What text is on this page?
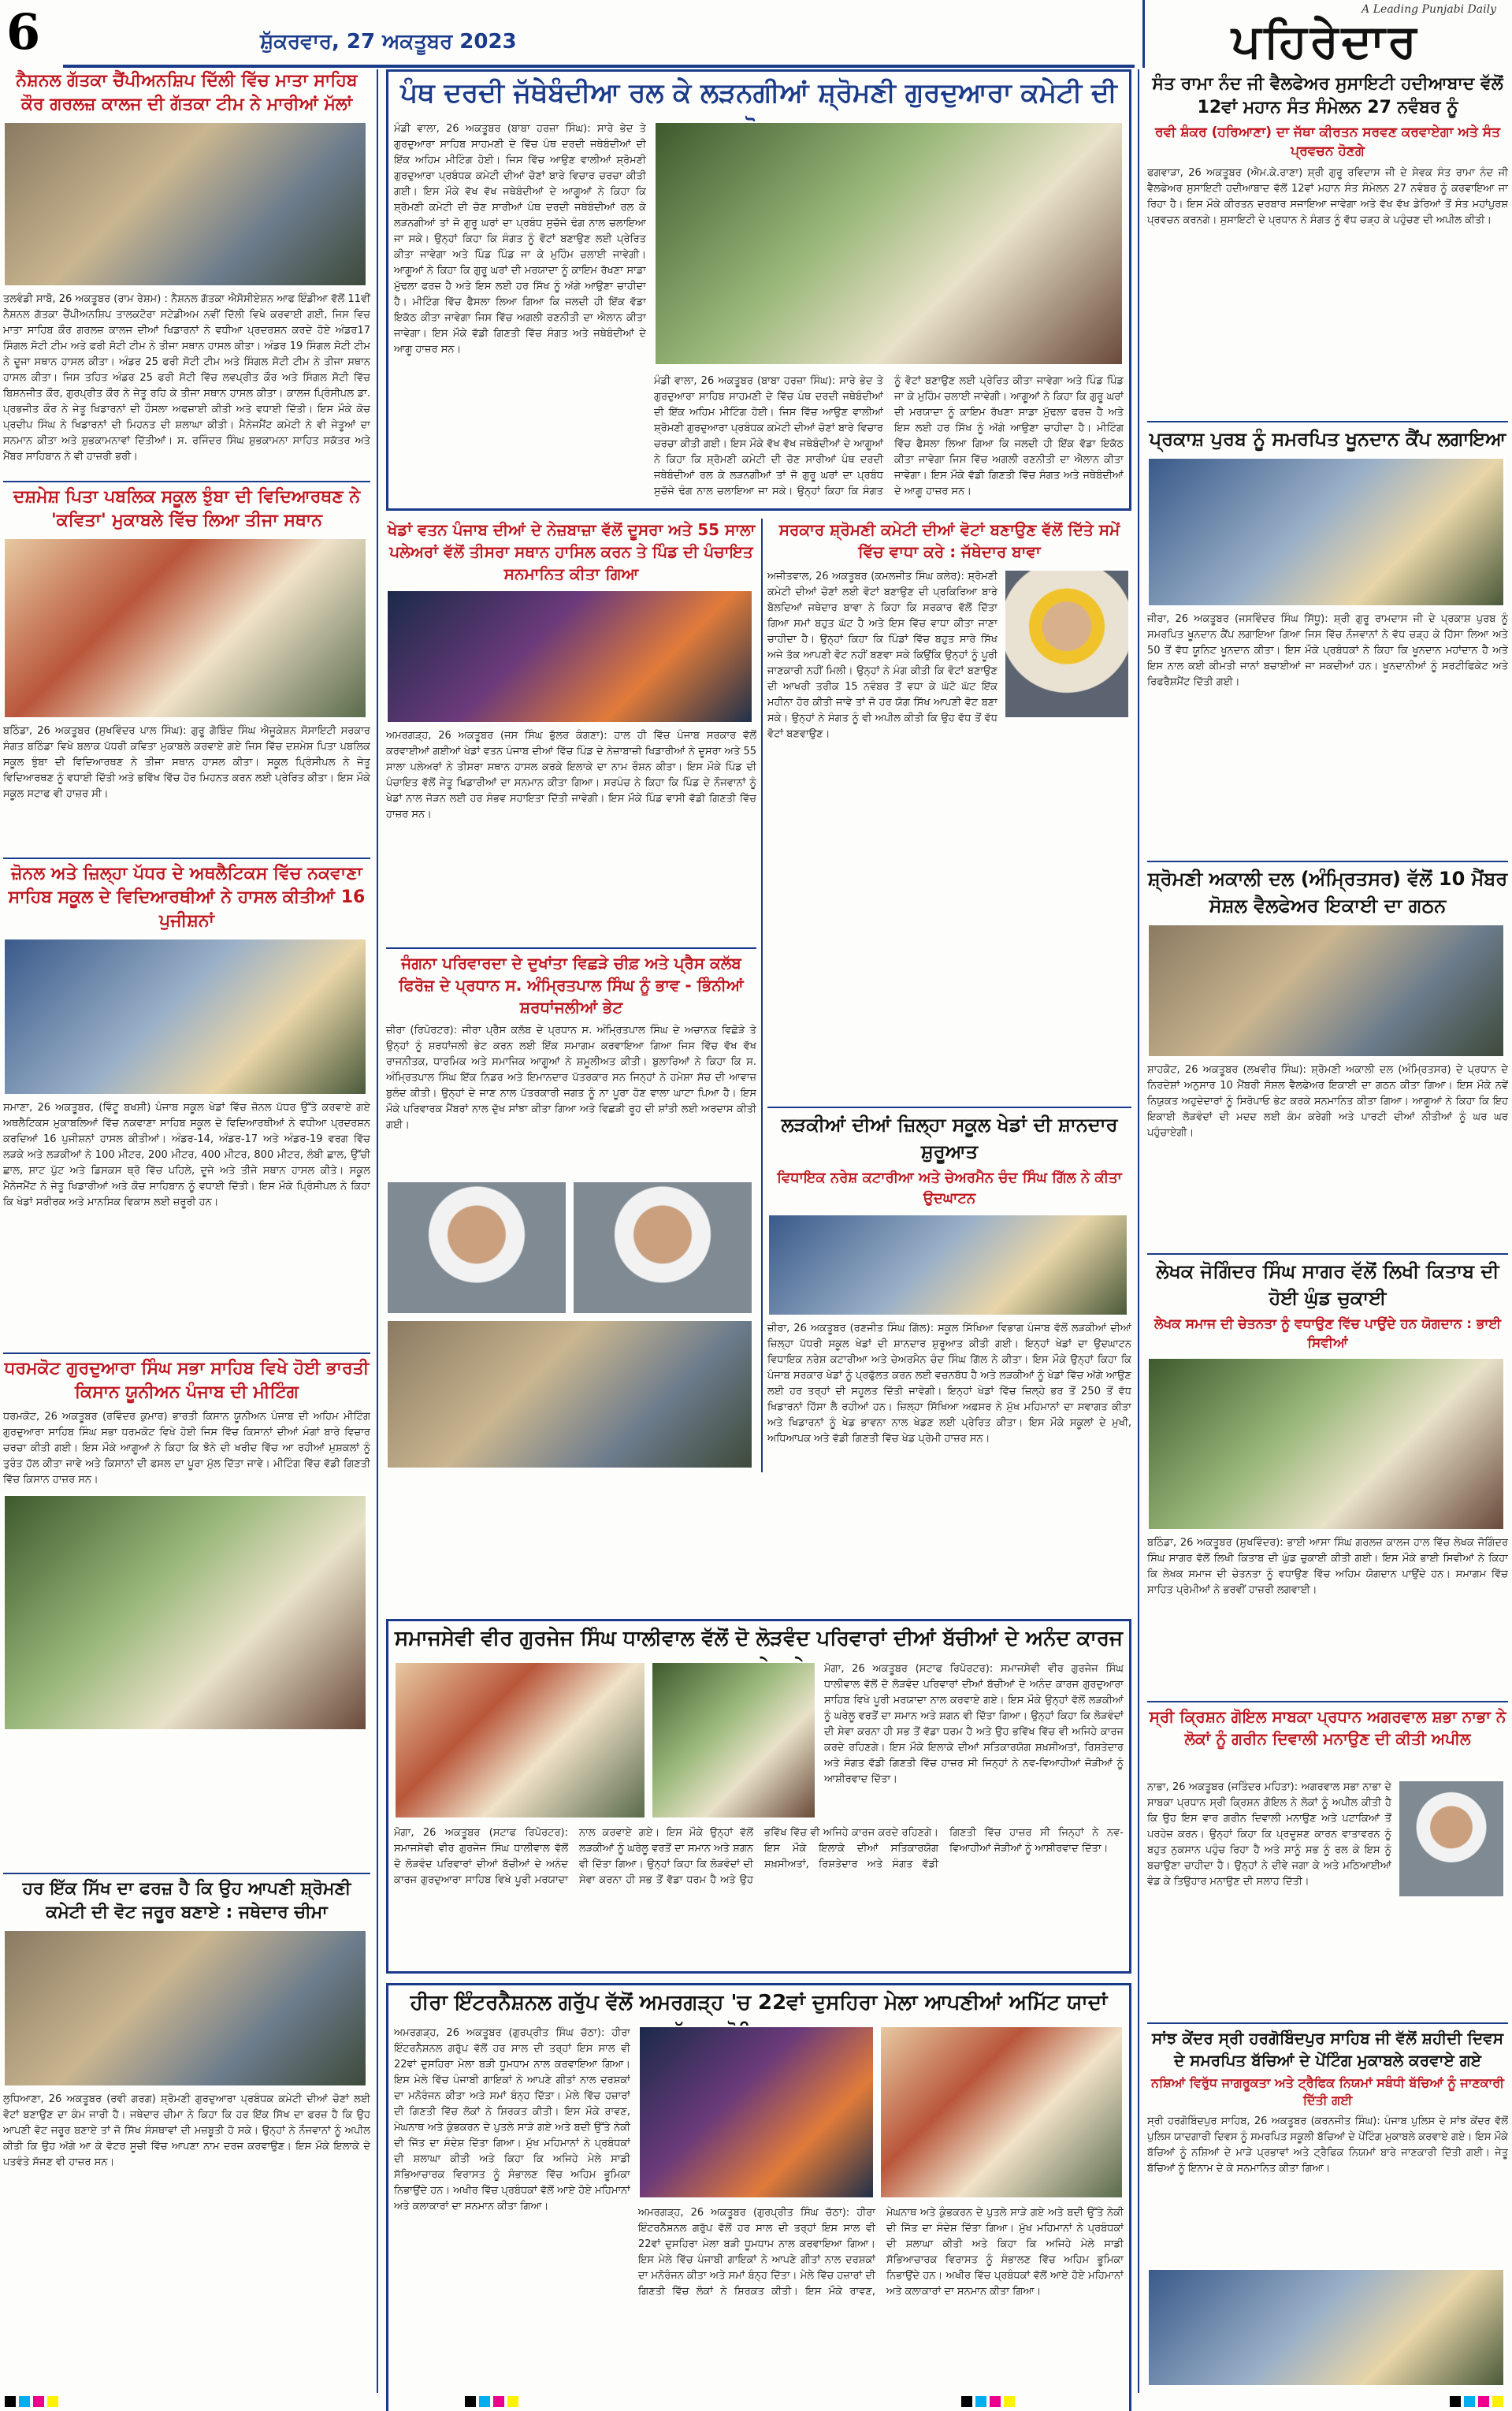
6	ਸ਼ੁੱਕਰਵਾਰ, 27 ਅਕਤੂਬਰ 2023
A Leading Punjabi Daily
ਪਹਿਰੇਦਾਰ
ਨੈਸ਼ਨਲ ਗੱਤਕਾ ਚੈਂਪੀਅਨਸ਼ਿਪ ਦਿੱਲੀ ਵਿੱਚ ਮਾਤਾ ਸਾਹਿਬ ਕੌਰ ਗਰਲਜ਼ ਕਾਲਜ ਦੀ ਗੱਤਕਾ ਟੀਮ ਨੇ ਮਾਰੀਆਂ ਮੱਲਾਂ
ਤਲਵੰਡੀ ਸਾਬੋ, 26 ਅਕਤੂਬਰ (ਰਾਮ ਰੇਸ਼ਮ) : ਨੈਸ਼ਨਲ ਗੱਤਕਾ ਐਸੋਸੀਏਸ਼ਨ ਆਫ ਇੰਡੀਆ ਵੱਲੋਂ 11ਵੀਂ ਨੈਸ਼ਨਲ ਗੱਤਕਾ ਚੈਂਪੀਅਨਸ਼ਿਪ ਤਾਲਕਟੋਰਾ ਸਟੇਡੀਅਮ ਨਵੀਂ ਦਿੱਲੀ ਵਿਖੇ ਕਰਵਾਈ ਗਈ, ਜਿਸ ਵਿਚ ਮਾਤਾ ਸਾਹਿਬ ਕੌਰ ਗਰਲਜ਼ ਕਾਲਜ ਦੀਆਂ ਖਿਡਾਰਨਾਂ ਨੇ ਵਧੀਆ ਪ੍ਰਦਰਸ਼ਨ ਕਰਦੇ ਹੋਏ ਅੰਡਰ17 ਸਿੰਗਲ ਸੋਟੀ ਟੀਮ ਅਤੇ ਫਰੀ ਸੋਟੀ ਟੀਮ ਨੇ ਤੀਜਾ ਸਥਾਨ ਹਾਸਲ ਕੀਤਾ। ਅੰਡਰ 19 ਸਿੰਗਲ ਸੋਟੀ ਟੀਮ ਨੇ ਦੂਜਾ ਸਥਾਨ ਹਾਸਲ ਕੀਤਾ। ਅੰਡਰ 25 ਫਰੀ ਸੋਟੀ ਟੀਮ ਅਤੇ ਸਿੰਗਲ ਸੋਟੀ ਟੀਮ ਨੇ ਤੀਜਾ ਸਥਾਨ ਹਾਸਲ ਕੀਤਾ। ਜਿਸ ਤਹਿਤ ਅੰਡਰ 25 ਫਰੀ ਸੋਟੀ ਵਿੱਚ ਲਵਪ੍ਰੀਤ ਕੌਰ ਅਤੇ ਸਿੰਗਲ ਸੋਟੀ ਵਿੱਚ ਬਿਸ਼ਨਜੀਤ ਕੌਰ, ਗੁਰਪ੍ਰੀਤ ਕੌਰ ਨੇ ਜੇਤੂ ਰਹਿ ਕੇ ਤੀਜਾ ਸਥਾਨ ਹਾਸਲ ਕੀਤਾ। ਕਾਲਜ ਪ੍ਰਿੰਸੀਪਲ ਡਾ. ਪ੍ਰਭਜੀਤ ਕੌਰ ਨੇ ਜੇਤੂ ਖਿਡਾਰਨਾਂ ਦੀ ਹੌਸਲਾ ਅਫਜ਼ਾਈ ਕੀਤੀ ਅਤੇ ਵਧਾਈ ਦਿੱਤੀ। ਇਸ ਮੌਕੇ ਕੋਚ ਪ੍ਰਦੀਪ ਸਿੰਘ ਨੇ ਖਿਡਾਰਨਾਂ ਦੀ ਮਿਹਨਤ ਦੀ ਸ਼ਲਾਘਾ ਕੀਤੀ। ਮੈਨੇਜਮੈਂਟ ਕਮੇਟੀ ਨੇ ਵੀ ਜੇਤੂਆਂ ਦਾ ਸਨਮਾਨ ਕੀਤਾ ਅਤੇ ਸ਼ੁਭਕਾਮਨਾਵਾਂ ਦਿੱਤੀਆਂ। ਸ. ਰਜਿੰਦਰ ਸਿੰਘ ਸ਼ੁਭਕਾਮਨਾ ਸਾਹਿਤ ਸਕੱਤਰ ਅਤੇ ਮੈਂਬਰ ਸਾਹਿਬਾਨ ਨੇ ਵੀ ਹਾਜ਼ਰੀ ਭਰੀ।
ਦਸ਼ਮੇਸ਼ ਪਿਤਾ ਪਬਲਿਕ ਸਕੂਲ ਝੁੰਬਾ ਦੀ ਵਿਦਿਆਰਥਣ ਨੇ 'ਕਵਿਤਾ' ਮੁਕਾਬਲੇ ਵਿੱਚ ਲਿਆ ਤੀਜਾ ਸਥਾਨ
ਬਠਿੰਡਾ, 26 ਅਕਤੂਬਰ (ਸੁਖਵਿੰਦਰ ਪਾਲ ਸਿੰਘ): ਗੁਰੂ ਗੋਬਿੰਦ ਸਿੰਘ ਐਜੂਕੇਸ਼ਨ ਸੋਸਾਇਟੀ ਸਰਕਾਰ ਸੰਗਤ ਬਠਿੰਡਾ ਵਿਖੇ ਬਲਾਕ ਪੱਧਰੀ ਕਵਿਤਾ ਮੁਕਾਬਲੇ ਕਰਵਾਏ ਗਏ ਜਿਸ ਵਿੱਚ ਦਸ਼ਮੇਸ਼ ਪਿਤਾ ਪਬਲਿਕ ਸਕੂਲ ਝੁੰਬਾ ਦੀ ਵਿਦਿਆਰਥਣ ਨੇ ਤੀਜਾ ਸਥਾਨ ਹਾਸਲ ਕੀਤਾ। ਸਕੂਲ ਪ੍ਰਿੰਸੀਪਲ ਨੇ ਜੇਤੂ ਵਿਦਿਆਰਥਣ ਨੂੰ ਵਧਾਈ ਦਿੱਤੀ ਅਤੇ ਭਵਿੱਖ ਵਿੱਚ ਹੋਰ ਮਿਹਨਤ ਕਰਨ ਲਈ ਪ੍ਰੇਰਿਤ ਕੀਤਾ। ਇਸ ਮੌਕੇ ਸਕੂਲ ਸਟਾਫ ਵੀ ਹਾਜ਼ਰ ਸੀ।
ਜ਼ੋਨਲ ਅਤੇ ਜ਼ਿਲ੍ਹਾ ਪੱਧਰ ਦੇ ਅਥਲੈਟਿਕਸ ਵਿੱਚ ਨਕਵਾਣਾ ਸਾਹਿਬ ਸਕੂਲ ਦੇ ਵਿਦਿਆਰਥੀਆਂ ਨੇ ਹਾਸਲ ਕੀਤੀਆਂ 16 ਪੁਜੀਸ਼ਨਾਂ
ਸਮਾਣਾ, 26 ਅਕਤੂਬਰ, (ਵਿੰਟੂ ਬਖਸ਼ੀ) ਪੰਜਾਬ ਸਕੂਲ ਖੇਡਾਂ ਵਿੱਚ ਜ਼ੋਨਲ ਪੱਧਰ ਉੱਤੇ ਕਰਵਾਏ ਗਏ ਅਥਲੈਟਿਕਸ ਮੁਕਾਬਲਿਆਂ ਵਿੱਚ ਨਕਵਾਣਾ ਸਾਹਿਬ ਸਕੂਲ ਦੇ ਵਿਦਿਆਰਥੀਆਂ ਨੇ ਵਧੀਆ ਪ੍ਰਦਰਸ਼ਨ ਕਰਦਿਆਂ 16 ਪੁਜੀਸ਼ਨਾਂ ਹਾਸਲ ਕੀਤੀਆਂ। ਅੰਡਰ-14, ਅੰਡਰ-17 ਅਤੇ ਅੰਡਰ-19 ਵਰਗ ਵਿੱਚ ਲੜਕੇ ਅਤੇ ਲੜਕੀਆਂ ਨੇ 100 ਮੀਟਰ, 200 ਮੀਟਰ, 400 ਮੀਟਰ, 800 ਮੀਟਰ, ਲੰਬੀ ਛਾਲ, ਉੱਚੀ ਛਾਲ, ਸ਼ਾਟ ਪੁੱਟ ਅਤੇ ਡਿਸਕਸ ਥ੍ਰੋ ਵਿੱਚ ਪਹਿਲੇ, ਦੂਜੇ ਅਤੇ ਤੀਜੇ ਸਥਾਨ ਹਾਸਲ ਕੀਤੇ। ਸਕੂਲ ਮੈਨੇਜਮੈਂਟ ਨੇ ਜੇਤੂ ਖਿਡਾਰੀਆਂ ਅਤੇ ਕੋਚ ਸਾਹਿਬਾਨ ਨੂੰ ਵਧਾਈ ਦਿੱਤੀ। ਇਸ ਮੌਕੇ ਪ੍ਰਿੰਸੀਪਲ ਨੇ ਕਿਹਾ ਕਿ ਖੇਡਾਂ ਸਰੀਰਕ ਅਤੇ ਮਾਨਸਿਕ ਵਿਕਾਸ ਲਈ ਜ਼ਰੂਰੀ ਹਨ।
ਧਰਮਕੋਟ ਗੁਰਦੁਆਰਾ ਸਿੰਘ ਸਭਾ ਸਾਹਿਬ ਵਿਖੇ ਹੋਈ ਭਾਰਤੀ ਕਿਸਾਨ ਯੂਨੀਅਨ ਪੰਜਾਬ ਦੀ ਮੀਟਿੰਗ
ਧਰਮਕੋਟ, 26 ਅਕਤੂਬਰ (ਰਵਿੰਦਰ ਕੁਮਾਰ) ਭਾਰਤੀ ਕਿਸਾਨ ਯੂਨੀਅਨ ਪੰਜਾਬ ਦੀ ਅਹਿਮ ਮੀਟਿੰਗ ਗੁਰਦੁਆਰਾ ਸਾਹਿਬ ਸਿੰਘ ਸਭਾ ਧਰਮਕੋਟ ਵਿਖੇ ਹੋਈ ਜਿਸ ਵਿੱਚ ਕਿਸਾਨਾਂ ਦੀਆਂ ਮੰਗਾਂ ਬਾਰੇ ਵਿਚਾਰ ਚਰਚਾ ਕੀਤੀ ਗਈ। ਇਸ ਮੌਕੇ ਆਗੂਆਂ ਨੇ ਕਿਹਾ ਕਿ ਝੋਨੇ ਦੀ ਖਰੀਦ ਵਿੱਚ ਆ ਰਹੀਆਂ ਮੁਸ਼ਕਲਾਂ ਨੂੰ ਤੁਰੰਤ ਹੱਲ ਕੀਤਾ ਜਾਵੇ ਅਤੇ ਕਿਸਾਨਾਂ ਦੀ ਫਸਲ ਦਾ ਪੂਰਾ ਮੁੱਲ ਦਿੱਤਾ ਜਾਵੇ। ਮੀਟਿੰਗ ਵਿੱਚ ਵੱਡੀ ਗਿਣਤੀ ਵਿੱਚ ਕਿਸਾਨ ਹਾਜ਼ਰ ਸਨ।
ਹਰ ਇੱਕ ਸਿੱਖ ਦਾ ਫਰਜ਼ ਹੈ ਕਿ ਉਹ ਆਪਣੀ ਸ਼੍ਰੋਮਣੀ ਕਮੇਟੀ ਦੀ ਵੋਟ ਜਰੂਰ ਬਣਾਏ : ਜਥੇਦਾਰ ਚੀਮਾ
ਲੁਧਿਆਣਾ, 26 ਅਕਤੂਬਰ (ਰਵੀ ਗਰਗ) ਸ਼੍ਰੋਮਣੀ ਗੁਰਦੁਆਰਾ ਪ੍ਰਬੰਧਕ ਕਮੇਟੀ ਦੀਆਂ ਚੋਣਾਂ ਲਈ ਵੋਟਾਂ ਬਣਾਉਣ ਦਾ ਕੰਮ ਜਾਰੀ ਹੈ। ਜਥੇਦਾਰ ਚੀਮਾ ਨੇ ਕਿਹਾ ਕਿ ਹਰ ਇੱਕ ਸਿੱਖ ਦਾ ਫਰਜ਼ ਹੈ ਕਿ ਉਹ ਆਪਣੀ ਵੋਟ ਜਰੂਰ ਬਣਾਏ ਤਾਂ ਜੋ ਸਿੱਖ ਸੰਸਥਾਵਾਂ ਦੀ ਮਜ਼ਬੂਤੀ ਹੋ ਸਕੇ। ਉਨ੍ਹਾਂ ਨੇ ਨੌਜਵਾਨਾਂ ਨੂੰ ਅਪੀਲ ਕੀਤੀ ਕਿ ਉਹ ਅੱਗੇ ਆ ਕੇ ਵੋਟਰ ਸੂਚੀ ਵਿੱਚ ਆਪਣਾ ਨਾਮ ਦਰਜ ਕਰਵਾਉਣ। ਇਸ ਮੌਕੇ ਇਲਾਕੇ ਦੇ ਪਤਵੰਤੇ ਸੱਜਣ ਵੀ ਹਾਜ਼ਰ ਸਨ।
ਪੰਥ ਦਰਦੀ ਜੱਥੇਬੰਦੀਆ ਰਲ ਕੇ ਲੜਨਗੀਆਂ ਸ਼੍ਰੋਮਣੀ ਗੁਰਦੁਆਰਾ ਕਮੇਟੀ ਦੀ
ਮੰਡੀ ਵਾਲਾ, 26 ਅਕਤੂਬਰ (ਬਾਬਾ ਹਰਜ਼ਾ ਸਿੰਘ): ਸਾਰੇ ਭੇਦ ਤੇ ਗੁਰਦੁਆਰਾ ਸਾਹਿਬ ਸਾਹਮਣੀ ਦੇ ਵਿੱਚ ਪੰਥ ਦਰਦੀ ਜਥੇਬੰਦੀਆਂ ਦੀ ਇੱਕ ਅਹਿਮ ਮੀਟਿੰਗ ਹੋਈ। ਜਿਸ ਵਿੱਚ ਆਉਣ ਵਾਲੀਆਂ ਸ਼੍ਰੋਮਣੀ ਗੁਰਦੁਆਰਾ ਪ੍ਰਬੰਧਕ ਕਮੇਟੀ ਦੀਆਂ ਚੋਣਾਂ ਬਾਰੇ ਵਿਚਾਰ ਚਰਚਾ ਕੀਤੀ ਗਈ। ਇਸ ਮੌਕੇ ਵੱਖ ਵੱਖ ਜਥੇਬੰਦੀਆਂ ਦੇ ਆਗੂਆਂ ਨੇ ਕਿਹਾ ਕਿ ਸ਼੍ਰੋਮਣੀ ਕਮੇਟੀ ਦੀ ਚੋਣ ਸਾਰੀਆਂ ਪੰਥ ਦਰਦੀ ਜਥੇਬੰਦੀਆਂ ਰਲ ਕੇ ਲੜਨਗੀਆਂ ਤਾਂ ਜੋ ਗੁਰੂ ਘਰਾਂ ਦਾ ਪ੍ਰਬੰਧ ਸੁਚੱਜੇ ਢੰਗ ਨਾਲ ਚਲਾਇਆ ਜਾ ਸਕੇ। ਉਨ੍ਹਾਂ ਕਿਹਾ ਕਿ ਸੰਗਤ ਨੂੰ ਵੋਟਾਂ ਬਣਾਉਣ ਲਈ ਪ੍ਰੇਰਿਤ ਕੀਤਾ ਜਾਵੇਗਾ ਅਤੇ ਪਿੰਡ ਪਿੰਡ ਜਾ ਕੇ ਮੁਹਿੰਮ ਚਲਾਈ ਜਾਵੇਗੀ। ਆਗੂਆਂ ਨੇ ਕਿਹਾ ਕਿ ਗੁਰੂ ਘਰਾਂ ਦੀ ਮਰਯਾਦਾ ਨੂੰ ਕਾਇਮ ਰੱਖਣਾ ਸਾਡਾ ਮੁੱਢਲਾ ਫਰਜ਼ ਹੈ ਅਤੇ ਇਸ ਲਈ ਹਰ ਸਿੱਖ ਨੂੰ ਅੱਗੇ ਆਉਣਾ ਚਾਹੀਦਾ ਹੈ। ਮੀਟਿੰਗ ਵਿੱਚ ਫੈਸਲਾ ਲਿਆ ਗਿਆ ਕਿ ਜਲਦੀ ਹੀ ਇੱਕ ਵੱਡਾ ਇਕੱਠ ਕੀਤਾ ਜਾਵੇਗਾ ਜਿਸ ਵਿੱਚ ਅਗਲੀ ਰਣਨੀਤੀ ਦਾ ਐਲਾਨ ਕੀਤਾ ਜਾਵੇਗਾ। ਇਸ ਮੌਕੇ ਵੱਡੀ ਗਿਣਤੀ ਵਿੱਚ ਸੰਗਤ ਅਤੇ ਜਥੇਬੰਦੀਆਂ ਦੇ ਆਗੂ ਹਾਜ਼ਰ ਸਨ।
ਮੰਡੀ ਵਾਲਾ, 26 ਅਕਤੂਬਰ (ਬਾਬਾ ਹਰਜ਼ਾ ਸਿੰਘ): ਸਾਰੇ ਭੇਦ ਤੇ ਗੁਰਦੁਆਰਾ ਸਾਹਿਬ ਸਾਹਮਣੀ ਦੇ ਵਿੱਚ ਪੰਥ ਦਰਦੀ ਜਥੇਬੰਦੀਆਂ ਦੀ ਇੱਕ ਅਹਿਮ ਮੀਟਿੰਗ ਹੋਈ। ਜਿਸ ਵਿੱਚ ਆਉਣ ਵਾਲੀਆਂ ਸ਼੍ਰੋਮਣੀ ਗੁਰਦੁਆਰਾ ਪ੍ਰਬੰਧਕ ਕਮੇਟੀ ਦੀਆਂ ਚੋਣਾਂ ਬਾਰੇ ਵਿਚਾਰ ਚਰਚਾ ਕੀਤੀ ਗਈ। ਇਸ ਮੌਕੇ ਵੱਖ ਵੱਖ ਜਥੇਬੰਦੀਆਂ ਦੇ ਆਗੂਆਂ ਨੇ ਕਿਹਾ ਕਿ ਸ਼੍ਰੋਮਣੀ ਕਮੇਟੀ ਦੀ ਚੋਣ ਸਾਰੀਆਂ ਪੰਥ ਦਰਦੀ ਜਥੇਬੰਦੀਆਂ ਰਲ ਕੇ ਲੜਨਗੀਆਂ ਤਾਂ ਜੋ ਗੁਰੂ ਘਰਾਂ ਦਾ ਪ੍ਰਬੰਧ ਸੁਚੱਜੇ ਢੰਗ ਨਾਲ ਚਲਾਇਆ ਜਾ ਸਕੇ। ਉਨ੍ਹਾਂ ਕਿਹਾ ਕਿ ਸੰਗਤ ਨੂੰ ਵੋਟਾਂ ਬਣਾਉਣ ਲਈ ਪ੍ਰੇਰਿਤ ਕੀਤਾ ਜਾਵੇਗਾ ਅਤੇ ਪਿੰਡ ਪਿੰਡ ਜਾ ਕੇ ਮੁਹਿੰਮ ਚਲਾਈ ਜਾਵੇਗੀ। ਆਗੂਆਂ ਨੇ ਕਿਹਾ ਕਿ ਗੁਰੂ ਘਰਾਂ ਦੀ ਮਰਯਾਦਾ ਨੂੰ ਕਾਇਮ ਰੱਖਣਾ ਸਾਡਾ ਮੁੱਢਲਾ ਫਰਜ਼ ਹੈ ਅਤੇ ਇਸ ਲਈ ਹਰ ਸਿੱਖ ਨੂੰ ਅੱਗੇ ਆਉਣਾ ਚਾਹੀਦਾ ਹੈ। ਮੀਟਿੰਗ ਵਿੱਚ ਫੈਸਲਾ ਲਿਆ ਗਿਆ ਕਿ ਜਲਦੀ ਹੀ ਇੱਕ ਵੱਡਾ ਇਕੱਠ ਕੀਤਾ ਜਾਵੇਗਾ ਜਿਸ ਵਿੱਚ ਅਗਲੀ ਰਣਨੀਤੀ ਦਾ ਐਲਾਨ ਕੀਤਾ ਜਾਵੇਗਾ। ਇਸ ਮੌਕੇ ਵੱਡੀ ਗਿਣਤੀ ਵਿੱਚ ਸੰਗਤ ਅਤੇ ਜਥੇਬੰਦੀਆਂ ਦੇ ਆਗੂ ਹਾਜ਼ਰ ਸਨ।
ਖੇਡਾਂ ਵਤਨ ਪੰਜਾਬ ਦੀਆਂ ਦੇ ਨੇਜ਼ਬਾਜ਼ਾ ਵੱਲੋਂ ਦੂਸਰਾ ਅਤੇ 55 ਸਾਲਾ ਪਲੇਅਰਾਂ ਵੱਲੋਂ ਤੀਸਰਾ ਸਥਾਨ ਹਾਸਿਲ ਕਰਨ ਤੇ ਪਿੰਡ ਦੀ ਪੰਚਾਇਤ ਸਨਮਾਨਿਤ ਕੀਤਾ ਗਿਆ
ਅਮਰਗੜ੍ਹ, 26 ਅਕਤੂਬਰ (ਜਸ ਸਿੰਘ ਭੁੱਲਰ ਕੰਗਣਾ): ਹਾਲ ਹੀ ਵਿੱਚ ਪੰਜਾਬ ਸਰਕਾਰ ਵੱਲੋਂ ਕਰਵਾਈਆਂ ਗਈਆਂ ਖੇਡਾਂ ਵਤਨ ਪੰਜਾਬ ਦੀਆਂ ਵਿੱਚ ਪਿੰਡ ਦੇ ਨੇਜ਼ਾਬਾਜ਼ੀ ਖਿਡਾਰੀਆਂ ਨੇ ਦੂਸਰਾ ਅਤੇ 55 ਸਾਲਾ ਪਲੇਅਰਾਂ ਨੇ ਤੀਸਰਾ ਸਥਾਨ ਹਾਸਲ ਕਰਕੇ ਇਲਾਕੇ ਦਾ ਨਾਮ ਰੌਸ਼ਨ ਕੀਤਾ। ਇਸ ਮੌਕੇ ਪਿੰਡ ਦੀ ਪੰਚਾਇਤ ਵੱਲੋਂ ਜੇਤੂ ਖਿਡਾਰੀਆਂ ਦਾ ਸਨਮਾਨ ਕੀਤਾ ਗਿਆ। ਸਰਪੰਚ ਨੇ ਕਿਹਾ ਕਿ ਪਿੰਡ ਦੇ ਨੌਜਵਾਨਾਂ ਨੂੰ ਖੇਡਾਂ ਨਾਲ ਜੋੜਨ ਲਈ ਹਰ ਸੰਭਵ ਸਹਾਇਤਾ ਦਿੱਤੀ ਜਾਵੇਗੀ। ਇਸ ਮੌਕੇ ਪਿੰਡ ਵਾਸੀ ਵੱਡੀ ਗਿਣਤੀ ਵਿੱਚ ਹਾਜ਼ਰ ਸਨ।
ਸਰਕਾਰ ਸ਼੍ਰੋਮਣੀ ਕਮੇਟੀ ਦੀਆਂ ਵੋਟਾਂ ਬਣਾਉਣ ਵੱਲੋਂ ਦਿੱਤੇ ਸਮੇਂ ਵਿੱਚ ਵਾਧਾ ਕਰੇ : ਜੱਥੇਦਾਰ ਬਾਵਾ
ਅਜੀਤਵਾਲ, 26 ਅਕਤੂਬਰ (ਕਮਲਜੀਤ ਸਿੰਘ ਕਲੇਰ): ਸ਼੍ਰੋਮਣੀ ਕਮੇਟੀ ਦੀਆਂ ਚੋਣਾਂ ਲਈ ਵੋਟਾਂ ਬਣਾਉਣ ਦੀ ਪ੍ਰਕਿਰਿਆ ਬਾਰੇ ਬੋਲਦਿਆਂ ਜਥੇਦਾਰ ਬਾਵਾ ਨੇ ਕਿਹਾ ਕਿ ਸਰਕਾਰ ਵੱਲੋਂ ਦਿੱਤਾ ਗਿਆ ਸਮਾਂ ਬਹੁਤ ਘੱਟ ਹੈ ਅਤੇ ਇਸ ਵਿੱਚ ਵਾਧਾ ਕੀਤਾ ਜਾਣਾ ਚਾਹੀਦਾ ਹੈ। ਉਨ੍ਹਾਂ ਕਿਹਾ ਕਿ ਪਿੰਡਾਂ ਵਿੱਚ ਬਹੁਤ ਸਾਰੇ ਸਿੱਖ ਅਜੇ ਤੱਕ ਆਪਣੀ ਵੋਟ ਨਹੀਂ ਬਣਵਾ ਸਕੇ ਕਿਉਂਕਿ ਉਨ੍ਹਾਂ ਨੂੰ ਪੂਰੀ ਜਾਣਕਾਰੀ ਨਹੀਂ ਮਿਲੀ। ਉਨ੍ਹਾਂ ਨੇ ਮੰਗ ਕੀਤੀ ਕਿ ਵੋਟਾਂ ਬਣਾਉਣ ਦੀ ਆਖਰੀ ਤਰੀਕ 15 ਨਵੰਬਰ ਤੋਂ ਵਧਾ ਕੇ ਘੱਟੋ ਘੱਟ ਇੱਕ ਮਹੀਨਾ ਹੋਰ ਕੀਤੀ ਜਾਵੇ ਤਾਂ ਜੋ ਹਰ ਯੋਗ ਸਿੱਖ ਆਪਣੀ ਵੋਟ ਬਣਾ ਸਕੇ। ਉਨ੍ਹਾਂ ਨੇ ਸੰਗਤ ਨੂੰ ਵੀ ਅਪੀਲ ਕੀਤੀ ਕਿ ਉਹ ਵੱਧ ਤੋਂ ਵੱਧ ਵੋਟਾਂ ਬਣਵਾਉਣ।
ਜੰਗਨਾ ਪਰਿਵਾਰਦਾ ਦੇ ਦੁਖਾਂਤਾ ਵਿਛੜੇ ਚੀਫ਼ ਅਤੇ ਪ੍ਰੈਸ ਕਲੱਬ ਫਿਰੋਜ਼ ਦੇ ਪ੍ਰਧਾਨ ਸ. ਅੰਮ੍ਰਿਤਪਾਲ ਸਿੰਘ ਨੂੰ ਭਾਵ - ਭਿੰਨੀਆਂ ਸ਼ਰਧਾਂਜਲੀਆਂ ਭੇਟ
ਜ਼ੀਰਾ (ਰਿਪੋਰਟਰ): ਜੀਰਾ ਪ੍ਰੈਸ ਕਲੱਬ ਦੇ ਪ੍ਰਧਾਨ ਸ. ਅੰਮ੍ਰਿਤਪਾਲ ਸਿੰਘ ਦੇ ਅਚਾਨਕ ਵਿਛੋੜੇ ਤੇ ਉਨ੍ਹਾਂ ਨੂੰ ਸ਼ਰਧਾਂਜਲੀ ਭੇਟ ਕਰਨ ਲਈ ਇੱਕ ਸਮਾਗਮ ਕਰਵਾਇਆ ਗਿਆ ਜਿਸ ਵਿੱਚ ਵੱਖ ਵੱਖ ਰਾਜਨੀਤਕ, ਧਾਰਮਿਕ ਅਤੇ ਸਮਾਜਿਕ ਆਗੂਆਂ ਨੇ ਸ਼ਮੂਲੀਅਤ ਕੀਤੀ। ਬੁਲਾਰਿਆਂ ਨੇ ਕਿਹਾ ਕਿ ਸ. ਅੰਮ੍ਰਿਤਪਾਲ ਸਿੰਘ ਇੱਕ ਨਿਡਰ ਅਤੇ ਇਮਾਨਦਾਰ ਪੱਤਰਕਾਰ ਸਨ ਜਿਨ੍ਹਾਂ ਨੇ ਹਮੇਸ਼ਾ ਸੱਚ ਦੀ ਆਵਾਜ਼ ਬੁਲੰਦ ਕੀਤੀ। ਉਨ੍ਹਾਂ ਦੇ ਜਾਣ ਨਾਲ ਪੱਤਰਕਾਰੀ ਜਗਤ ਨੂੰ ਨਾ ਪੂਰਾ ਹੋਣ ਵਾਲਾ ਘਾਟਾ ਪਿਆ ਹੈ। ਇਸ ਮੌਕੇ ਪਰਿਵਾਰਕ ਮੈਂਬਰਾਂ ਨਾਲ ਦੁੱਖ ਸਾਂਝਾ ਕੀਤਾ ਗਿਆ ਅਤੇ ਵਿਛੜੀ ਰੂਹ ਦੀ ਸ਼ਾਂਤੀ ਲਈ ਅਰਦਾਸ ਕੀਤੀ ਗਈ।	ਲੜਕੀਆਂ ਦੀਆਂ ਜ਼ਿਲ੍ਹਾ ਸਕੂਲ ਖੇਡਾਂ ਦੀ ਸ਼ਾਨਦਾਰ ਸ਼ੁਰੂਆਤ
ਵਿਧਾਇਕ ਨਰੇਸ਼ ਕਟਾਰੀਆ ਅਤੇ ਚੇਅਰਮੈਨ ਚੰਦ ਸਿੰਘ ਗਿੱਲ ਨੇ ਕੀਤਾ ਉਦਘਾਟਨ
ਜ਼ੀਰਾ, 26 ਅਕਤੂਬਰ (ਰਣਜੀਤ ਸਿੰਘ ਗਿੱਲ): ਸਕੂਲ ਸਿੱਖਿਆ ਵਿਭਾਗ ਪੰਜਾਬ ਵੱਲੋਂ ਲੜਕੀਆਂ ਦੀਆਂ ਜ਼ਿਲ੍ਹਾ ਪੱਧਰੀ ਸਕੂਲ ਖੇਡਾਂ ਦੀ ਸ਼ਾਨਦਾਰ ਸ਼ੁਰੂਆਤ ਕੀਤੀ ਗਈ। ਇਨ੍ਹਾਂ ਖੇਡਾਂ ਦਾ ਉਦਘਾਟਨ ਵਿਧਾਇਕ ਨਰੇਸ਼ ਕਟਾਰੀਆ ਅਤੇ ਚੇਅਰਮੈਨ ਚੰਦ ਸਿੰਘ ਗਿੱਲ ਨੇ ਕੀਤਾ। ਇਸ ਮੌਕੇ ਉਨ੍ਹਾਂ ਕਿਹਾ ਕਿ ਪੰਜਾਬ ਸਰਕਾਰ ਖੇਡਾਂ ਨੂੰ ਪ੍ਰਫੁੱਲਤ ਕਰਨ ਲਈ ਵਚਨਬੱਧ ਹੈ ਅਤੇ ਲੜਕੀਆਂ ਨੂੰ ਖੇਡਾਂ ਵਿੱਚ ਅੱਗੇ ਆਉਣ ਲਈ ਹਰ ਤਰ੍ਹਾਂ ਦੀ ਸਹੂਲਤ ਦਿੱਤੀ ਜਾਵੇਗੀ। ਇਨ੍ਹਾਂ ਖੇਡਾਂ ਵਿੱਚ ਜ਼ਿਲ੍ਹੇ ਭਰ ਤੋਂ 250 ਤੋਂ ਵੱਧ ਖਿਡਾਰਨਾਂ ਹਿੱਸਾ ਲੈ ਰਹੀਆਂ ਹਨ। ਜ਼ਿਲ੍ਹਾ ਸਿੱਖਿਆ ਅਫ਼ਸਰ ਨੇ ਮੁੱਖ ਮਹਿਮਾਨਾਂ ਦਾ ਸਵਾਗਤ ਕੀਤਾ ਅਤੇ ਖਿਡਾਰਨਾਂ ਨੂੰ ਖੇਡ ਭਾਵਨਾ ਨਾਲ ਖੇਡਣ ਲਈ ਪ੍ਰੇਰਿਤ ਕੀਤਾ। ਇਸ ਮੌਕੇ ਸਕੂਲਾਂ ਦੇ ਮੁਖੀ, ਅਧਿਆਪਕ ਅਤੇ ਵੱਡੀ ਗਿਣਤੀ ਵਿੱਚ ਖੇਡ ਪ੍ਰੇਮੀ ਹਾਜ਼ਰ ਸਨ।
ਸਮਾਜਸੇਵੀ ਵੀਰ ਗੁਰਜੇਜ ਸਿੰਘ ਧਾਲੀਵਾਲ ਵੱਲੋਂ ਦੋ ਲੋੜਵੰਦ ਪਰਿਵਾਰਾਂ ਦੀਆਂ ਬੱਚੀਆਂ ਦੇ ਅਨੰਦ ਕਾਰਜ
ਮੋਗਾ, 26 ਅਕਤੂਬਰ (ਸਟਾਫ ਰਿਪੋਰਟਰ): ਸਮਾਜਸੇਵੀ ਵੀਰ ਗੁਰਜੇਜ ਸਿੰਘ ਧਾਲੀਵਾਲ ਵੱਲੋਂ ਦੋ ਲੋੜਵੰਦ ਪਰਿਵਾਰਾਂ ਦੀਆਂ ਬੱਚੀਆਂ ਦੇ ਅਨੰਦ ਕਾਰਜ ਗੁਰਦੁਆਰਾ ਸਾਹਿਬ ਵਿਖੇ ਪੂਰੀ ਮਰਯਾਦਾ ਨਾਲ ਕਰਵਾਏ ਗਏ। ਇਸ ਮੌਕੇ ਉਨ੍ਹਾਂ ਵੱਲੋਂ ਲੜਕੀਆਂ ਨੂੰ ਘਰੇਲੂ ਵਰਤੋਂ ਦਾ ਸਮਾਨ ਅਤੇ ਸ਼ਗਨ ਵੀ ਦਿੱਤਾ ਗਿਆ। ਉਨ੍ਹਾਂ ਕਿਹਾ ਕਿ ਲੋੜਵੰਦਾਂ ਦੀ ਸੇਵਾ ਕਰਨਾ ਹੀ ਸਭ ਤੋਂ ਵੱਡਾ ਧਰਮ ਹੈ ਅਤੇ ਉਹ ਭਵਿੱਖ ਵਿੱਚ ਵੀ ਅਜਿਹੇ ਕਾਰਜ ਕਰਦੇ ਰਹਿਣਗੇ। ਇਸ ਮੌਕੇ ਇਲਾਕੇ ਦੀਆਂ ਸਤਿਕਾਰਯੋਗ ਸ਼ਖ਼ਸੀਅਤਾਂ, ਰਿਸ਼ਤੇਦਾਰ ਅਤੇ ਸੰਗਤ ਵੱਡੀ ਗਿਣਤੀ ਵਿੱਚ ਹਾਜ਼ਰ ਸੀ ਜਿਨ੍ਹਾਂ ਨੇ ਨਵ-ਵਿਆਹੀਆਂ ਜੋੜੀਆਂ ਨੂੰ ਆਸ਼ੀਰਵਾਦ ਦਿੱਤਾ।
ਮੋਗਾ, 26 ਅਕਤੂਬਰ (ਸਟਾਫ ਰਿਪੋਰਟਰ): ਸਮਾਜਸੇਵੀ ਵੀਰ ਗੁਰਜੇਜ ਸਿੰਘ ਧਾਲੀਵਾਲ ਵੱਲੋਂ ਦੋ ਲੋੜਵੰਦ ਪਰਿਵਾਰਾਂ ਦੀਆਂ ਬੱਚੀਆਂ ਦੇ ਅਨੰਦ ਕਾਰਜ ਗੁਰਦੁਆਰਾ ਸਾਹਿਬ ਵਿਖੇ ਪੂਰੀ ਮਰਯਾਦਾ ਨਾਲ ਕਰਵਾਏ ਗਏ। ਇਸ ਮੌਕੇ ਉਨ੍ਹਾਂ ਵੱਲੋਂ ਲੜਕੀਆਂ ਨੂੰ ਘਰੇਲੂ ਵਰਤੋਂ ਦਾ ਸਮਾਨ ਅਤੇ ਸ਼ਗਨ ਵੀ ਦਿੱਤਾ ਗਿਆ। ਉਨ੍ਹਾਂ ਕਿਹਾ ਕਿ ਲੋੜਵੰਦਾਂ ਦੀ ਸੇਵਾ ਕਰਨਾ ਹੀ ਸਭ ਤੋਂ ਵੱਡਾ ਧਰਮ ਹੈ ਅਤੇ ਉਹ ਭਵਿੱਖ ਵਿੱਚ ਵੀ ਅਜਿਹੇ ਕਾਰਜ ਕਰਦੇ ਰਹਿਣਗੇ। ਇਸ ਮੌਕੇ ਇਲਾਕੇ ਦੀਆਂ ਸਤਿਕਾਰਯੋਗ ਸ਼ਖ਼ਸੀਅਤਾਂ, ਰਿਸ਼ਤੇਦਾਰ ਅਤੇ ਸੰਗਤ ਵੱਡੀ ਗਿਣਤੀ ਵਿੱਚ ਹਾਜ਼ਰ ਸੀ ਜਿਨ੍ਹਾਂ ਨੇ ਨਵ-ਵਿਆਹੀਆਂ ਜੋੜੀਆਂ ਨੂੰ ਆਸ਼ੀਰਵਾਦ ਦਿੱਤਾ।
ਹੀਰਾ ਇੰਟਰਨੈਸ਼ਨਲ ਗਰੁੱਪ ਵੱਲੋਂ ਅਮਰਗੜ੍ਹ 'ਚ 22ਵਾਂ ਦੁਸਹਿਰਾ ਮੇਲਾ ਆਪਣੀਆਂ ਅਮਿੱਟ ਯਾਦਾਂ
ਅਮਰਗੜ੍ਹ, 26 ਅਕਤੂਬਰ (ਗੁਰਪ੍ਰੀਤ ਸਿੰਘ ਚੱਠਾ): ਹੀਰਾ ਇੰਟਰਨੈਸ਼ਨਲ ਗਰੁੱਪ ਵੱਲੋਂ ਹਰ ਸਾਲ ਦੀ ਤਰ੍ਹਾਂ ਇਸ ਸਾਲ ਵੀ 22ਵਾਂ ਦੁਸਹਿਰਾ ਮੇਲਾ ਬੜੀ ਧੂਮਧਾਮ ਨਾਲ ਕਰਵਾਇਆ ਗਿਆ। ਇਸ ਮੇਲੇ ਵਿੱਚ ਪੰਜਾਬੀ ਗਾਇਕਾਂ ਨੇ ਆਪਣੇ ਗੀਤਾਂ ਨਾਲ ਦਰਸ਼ਕਾਂ ਦਾ ਮਨੋਰੰਜਨ ਕੀਤਾ ਅਤੇ ਸਮਾਂ ਬੰਨ੍ਹ ਦਿੱਤਾ। ਮੇਲੇ ਵਿੱਚ ਹਜ਼ਾਰਾਂ ਦੀ ਗਿਣਤੀ ਵਿੱਚ ਲੋਕਾਂ ਨੇ ਸ਼ਿਰਕਤ ਕੀਤੀ। ਇਸ ਮੌਕੇ ਰਾਵਣ, ਮੇਘਨਾਥ ਅਤੇ ਕੁੰਭਕਰਨ ਦੇ ਪੁਤਲੇ ਸਾੜੇ ਗਏ ਅਤੇ ਬਦੀ ਉੱਤੇ ਨੇਕੀ ਦੀ ਜਿੱਤ ਦਾ ਸੰਦੇਸ਼ ਦਿੱਤਾ ਗਿਆ। ਮੁੱਖ ਮਹਿਮਾਨਾਂ ਨੇ ਪ੍ਰਬੰਧਕਾਂ ਦੀ ਸ਼ਲਾਘਾ ਕੀਤੀ ਅਤੇ ਕਿਹਾ ਕਿ ਅਜਿਹੇ ਮੇਲੇ ਸਾਡੀ ਸੱਭਿਆਚਾਰਕ ਵਿਰਾਸਤ ਨੂੰ ਸੰਭਾਲਣ ਵਿੱਚ ਅਹਿਮ ਭੂਮਿਕਾ ਨਿਭਾਉਂਦੇ ਹਨ। ਅਖੀਰ ਵਿੱਚ ਪ੍ਰਬੰਧਕਾਂ ਵੱਲੋਂ ਆਏ ਹੋਏ ਮਹਿਮਾਨਾਂ ਅਤੇ ਕਲਾਕਾਰਾਂ ਦਾ ਸਨਮਾਨ ਕੀਤਾ ਗਿਆ।
ਅਮਰਗੜ੍ਹ, 26 ਅਕਤੂਬਰ (ਗੁਰਪ੍ਰੀਤ ਸਿੰਘ ਚੱਠਾ): ਹੀਰਾ ਇੰਟਰਨੈਸ਼ਨਲ ਗਰੁੱਪ ਵੱਲੋਂ ਹਰ ਸਾਲ ਦੀ ਤਰ੍ਹਾਂ ਇਸ ਸਾਲ ਵੀ 22ਵਾਂ ਦੁਸਹਿਰਾ ਮੇਲਾ ਬੜੀ ਧੂਮਧਾਮ ਨਾਲ ਕਰਵਾਇਆ ਗਿਆ। ਇਸ ਮੇਲੇ ਵਿੱਚ ਪੰਜਾਬੀ ਗਾਇਕਾਂ ਨੇ ਆਪਣੇ ਗੀਤਾਂ ਨਾਲ ਦਰਸ਼ਕਾਂ ਦਾ ਮਨੋਰੰਜਨ ਕੀਤਾ ਅਤੇ ਸਮਾਂ ਬੰਨ੍ਹ ਦਿੱਤਾ। ਮੇਲੇ ਵਿੱਚ ਹਜ਼ਾਰਾਂ ਦੀ ਗਿਣਤੀ ਵਿੱਚ ਲੋਕਾਂ ਨੇ ਸ਼ਿਰਕਤ ਕੀਤੀ। ਇਸ ਮੌਕੇ ਰਾਵਣ, ਮੇਘਨਾਥ ਅਤੇ ਕੁੰਭਕਰਨ ਦੇ ਪੁਤਲੇ ਸਾੜੇ ਗਏ ਅਤੇ ਬਦੀ ਉੱਤੇ ਨੇਕੀ ਦੀ ਜਿੱਤ ਦਾ ਸੰਦੇਸ਼ ਦਿੱਤਾ ਗਿਆ। ਮੁੱਖ ਮਹਿਮਾਨਾਂ ਨੇ ਪ੍ਰਬੰਧਕਾਂ ਦੀ ਸ਼ਲਾਘਾ ਕੀਤੀ ਅਤੇ ਕਿਹਾ ਕਿ ਅਜਿਹੇ ਮੇਲੇ ਸਾਡੀ ਸੱਭਿਆਚਾਰਕ ਵਿਰਾਸਤ ਨੂੰ ਸੰਭਾਲਣ ਵਿੱਚ ਅਹਿਮ ਭੂਮਿਕਾ ਨਿਭਾਉਂਦੇ ਹਨ। ਅਖੀਰ ਵਿੱਚ ਪ੍ਰਬੰਧਕਾਂ ਵੱਲੋਂ ਆਏ ਹੋਏ ਮਹਿਮਾਨਾਂ ਅਤੇ ਕਲਾਕਾਰਾਂ ਦਾ ਸਨਮਾਨ ਕੀਤਾ ਗਿਆ।
ਸੰਤ ਰਾਮਾ ਨੰਦ ਜੀ ਵੈਲਫੇਅਰ ਸੁਸਾਇਟੀ ਹਦੀਆਬਾਦ ਵੱਲੋਂ 12ਵਾਂ ਮਹਾਨ ਸੰਤ ਸੰਮੇਲਨ 27 ਨਵੰਬਰ ਨੂੰ
ਰਵੀ ਸ਼ੰਕਰ (ਹਰਿਆਣਾ) ਦਾ ਜੱਥਾ ਕੀਰਤਨ ਸਰਵਣ ਕਰਵਾਏਗਾ ਅਤੇ ਸੰਤ ਪ੍ਰਵਚਨ ਹੋਣਗੇ
ਫਗਵਾੜਾ, 26 ਅਕਤੂਬਰ (ਐਮ.ਕੇ.ਰਾਣਾ) ਸ਼੍ਰੀ ਗੁਰੂ ਰਵਿਦਾਸ ਜੀ ਦੇ ਸੇਵਕ ਸੰਤ ਰਾਮਾ ਨੰਦ ਜੀ ਵੈਲਫੇਅਰ ਸੁਸਾਇਟੀ ਹਦੀਆਬਾਦ ਵੱਲੋਂ 12ਵਾਂ ਮਹਾਨ ਸੰਤ ਸੰਮੇਲਨ 27 ਨਵੰਬਰ ਨੂੰ ਕਰਵਾਇਆ ਜਾ ਰਿਹਾ ਹੈ। ਇਸ ਮੌਕੇ ਕੀਰਤਨ ਦਰਬਾਰ ਸਜਾਇਆ ਜਾਵੇਗਾ ਅਤੇ ਵੱਖ ਵੱਖ ਡੇਰਿਆਂ ਤੋਂ ਸੰਤ ਮਹਾਂਪੁਰਸ਼ ਪ੍ਰਵਚਨ ਕਰਨਗੇ। ਸੁਸਾਇਟੀ ਦੇ ਪ੍ਰਧਾਨ ਨੇ ਸੰਗਤ ਨੂੰ ਵੱਧ ਚੜ੍ਹ ਕੇ ਪਹੁੰਚਣ ਦੀ ਅਪੀਲ ਕੀਤੀ।
ਪ੍ਰਕਾਸ਼ ਪੁਰਬ ਨੂੰ ਸਮਰਪਿਤ ਖੂਨਦਾਨ ਕੈਂਪ ਲਗਾਇਆ
ਜੀਰਾ, 26 ਅਕਤੂਬਰ (ਜਸਵਿੰਦਰ ਸਿੰਘ ਸਿੱਧੂ): ਸ਼੍ਰੀ ਗੁਰੂ ਰਾਮਦਾਸ ਜੀ ਦੇ ਪ੍ਰਕਾਸ਼ ਪੁਰਬ ਨੂੰ ਸਮਰਪਿਤ ਖੂਨਦਾਨ ਕੈਂਪ ਲਗਾਇਆ ਗਿਆ ਜਿਸ ਵਿੱਚ ਨੌਜਵਾਨਾਂ ਨੇ ਵੱਧ ਚੜ੍ਹ ਕੇ ਹਿੱਸਾ ਲਿਆ ਅਤੇ 50 ਤੋਂ ਵੱਧ ਯੂਨਿਟ ਖੂਨਦਾਨ ਕੀਤਾ। ਇਸ ਮੌਕੇ ਪ੍ਰਬੰਧਕਾਂ ਨੇ ਕਿਹਾ ਕਿ ਖੂਨਦਾਨ ਮਹਾਂਦਾਨ ਹੈ ਅਤੇ ਇਸ ਨਾਲ ਕਈ ਕੀਮਤੀ ਜਾਨਾਂ ਬਚਾਈਆਂ ਜਾ ਸਕਦੀਆਂ ਹਨ। ਖੂਨਦਾਨੀਆਂ ਨੂੰ ਸਰਟੀਫਿਕੇਟ ਅਤੇ ਰਿਫਰੈਸ਼ਮੈਂਟ ਦਿੱਤੀ ਗਈ।
ਸ਼੍ਰੋਮਣੀ ਅਕਾਲੀ ਦਲ (ਅੰਮ੍ਰਿਤਸਰ) ਵੱਲੋਂ 10 ਮੈਂਬਰ ਸੋਸ਼ਲ ਵੈਲਫੇਅਰ ਇਕਾਈ ਦਾ ਗਠਨ
ਸ਼ਾਹਕੋਟ, 26 ਅਕਤੂਬਰ (ਲਖਵੀਰ ਸਿੰਘ): ਸ਼੍ਰੋਮਣੀ ਅਕਾਲੀ ਦਲ (ਅੰਮ੍ਰਿਤਸਰ) ਦੇ ਪ੍ਰਧਾਨ ਦੇ ਨਿਰਦੇਸ਼ਾਂ ਅਨੁਸਾਰ 10 ਮੈਂਬਰੀ ਸੋਸ਼ਲ ਵੈਲਫੇਅਰ ਇਕਾਈ ਦਾ ਗਠਨ ਕੀਤਾ ਗਿਆ। ਇਸ ਮੌਕੇ ਨਵੇਂ ਨਿਯੁਕਤ ਅਹੁਦੇਦਾਰਾਂ ਨੂੰ ਸਿਰੋਪਾਓ ਭੇਟ ਕਰਕੇ ਸਨਮਾਨਿਤ ਕੀਤਾ ਗਿਆ। ਆਗੂਆਂ ਨੇ ਕਿਹਾ ਕਿ ਇਹ ਇਕਾਈ ਲੋੜਵੰਦਾਂ ਦੀ ਮਦਦ ਲਈ ਕੰਮ ਕਰੇਗੀ ਅਤੇ ਪਾਰਟੀ ਦੀਆਂ ਨੀਤੀਆਂ ਨੂੰ ਘਰ ਘਰ ਪਹੁੰਚਾਏਗੀ।
ਲੇਖਕ ਜੋਗਿੰਦਰ ਸਿੰਘ ਸਾਗਰ ਵੱਲੋਂ ਲਿਖੀ ਕਿਤਾਬ ਦੀ ਹੋਈ ਘੁੰਡ ਚੁਕਾਈ
ਲੇਖਕ ਸਮਾਜ ਦੀ ਚੇਤਨਤਾ ਨੂੰ ਵਧਾਉਣ ਵਿੱਚ ਪਾਉਂਦੇ ਹਨ ਯੋਗਦਾਨ : ਭਾਈ ਸਿਵੀਆਂ
ਬਠਿੰਡਾ, 26 ਅਕਤੂਬਰ (ਸੁਖਵਿੰਦਰ): ਭਾਈ ਆਸਾ ਸਿੰਘ ਗਰਲਜ਼ ਕਾਲਜ ਹਾਲ ਵਿੱਚ ਲੇਖਕ ਜੋਗਿੰਦਰ ਸਿੰਘ ਸਾਗਰ ਵੱਲੋਂ ਲਿਖੀ ਕਿਤਾਬ ਦੀ ਘੁੰਡ ਚੁਕਾਈ ਕੀਤੀ ਗਈ। ਇਸ ਮੌਕੇ ਭਾਈ ਸਿਵੀਆਂ ਨੇ ਕਿਹਾ ਕਿ ਲੇਖਕ ਸਮਾਜ ਦੀ ਚੇਤਨਤਾ ਨੂੰ ਵਧਾਉਣ ਵਿੱਚ ਅਹਿਮ ਯੋਗਦਾਨ ਪਾਉਂਦੇ ਹਨ। ਸਮਾਗਮ ਵਿੱਚ ਸਾਹਿਤ ਪ੍ਰੇਮੀਆਂ ਨੇ ਭਰਵੀਂ ਹਾਜ਼ਰੀ ਲਗਵਾਈ।
ਸ੍ਰੀ ਕ੍ਰਿਸ਼ਨ ਗੋਇਲ ਸਾਬਕਾ ਪ੍ਰਧਾਨ ਅਗਰਵਾਲ ਸ਼ਭਾ ਨਾਭਾ ਨੇ ਲੋਕਾਂ ਨੂੰ ਗਰੀਨ ਦਿਵਾਲੀ ਮਨਾਉਣ ਦੀ ਕੀਤੀ ਅਪੀਲ
ਨਾਭਾ, 26 ਅਕਤੂਬਰ (ਜਤਿੰਦਰ ਮਹਿਤਾ): ਅਗਰਵਾਲ ਸਭਾ ਨਾਭਾ ਦੇ ਸਾਬਕਾ ਪ੍ਰਧਾਨ ਸ੍ਰੀ ਕ੍ਰਿਸ਼ਨ ਗੋਇਲ ਨੇ ਲੋਕਾਂ ਨੂੰ ਅਪੀਲ ਕੀਤੀ ਹੈ ਕਿ ਉਹ ਇਸ ਵਾਰ ਗਰੀਨ ਦਿਵਾਲੀ ਮਨਾਉਣ ਅਤੇ ਪਟਾਕਿਆਂ ਤੋਂ ਪਰਹੇਜ਼ ਕਰਨ। ਉਨ੍ਹਾਂ ਕਿਹਾ ਕਿ ਪ੍ਰਦੂਸ਼ਣ ਕਾਰਨ ਵਾਤਾਵਰਨ ਨੂੰ ਬਹੁਤ ਨੁਕਸਾਨ ਪਹੁੰਚ ਰਿਹਾ ਹੈ ਅਤੇ ਸਾਨੂੰ ਸਭ ਨੂੰ ਰਲ ਕੇ ਇਸ ਨੂੰ ਬਚਾਉਣਾ ਚਾਹੀਦਾ ਹੈ। ਉਨ੍ਹਾਂ ਨੇ ਦੀਵੇ ਜਗਾ ਕੇ ਅਤੇ ਮਠਿਆਈਆਂ ਵੰਡ ਕੇ ਤਿਉਹਾਰ ਮਨਾਉਣ ਦੀ ਸਲਾਹ ਦਿੱਤੀ।
ਸਾਂਝ ਕੇਂਦਰ ਸ੍ਰੀ ਹਰਗੋਬਿੰਦਪੁਰ ਸਾਹਿਬ ਜੀ ਵੱਲੋਂ ਸ਼ਹੀਦੀ ਦਿਵਸ ਦੇ ਸਮਰਪਿਤ ਬੱਚਿਆਂ ਦੇ ਪੇਂਟਿੰਗ ਮੁਕਾਬਲੇ ਕਰਵਾਏ ਗਏ
ਨਸ਼ਿਆਂ ਵਿਰੁੱਧ ਜਾਗਰੂਕਤਾ ਅਤੇ ਟ੍ਰੈਫਿਕ ਨਿਯਮਾਂ ਸਬੰਧੀ ਬੱਚਿਆਂ ਨੂੰ ਜਾਣਕਾਰੀ ਦਿੱਤੀ ਗਈ
ਸ੍ਰੀ ਹਰਗੋਬਿੰਦਪੁਰ ਸਾਹਿਬ, 26 ਅਕਤੂਬਰ (ਕਰਨਜੀਤ ਸਿੰਘ): ਪੰਜਾਬ ਪੁਲਿਸ ਦੇ ਸਾਂਝ ਕੇਂਦਰ ਵੱਲੋਂ ਪੁਲਿਸ ਯਾਦਗਾਰੀ ਦਿਵਸ ਨੂੰ ਸਮਰਪਿਤ ਸਕੂਲੀ ਬੱਚਿਆਂ ਦੇ ਪੇਂਟਿੰਗ ਮੁਕਾਬਲੇ ਕਰਵਾਏ ਗਏ। ਇਸ ਮੌਕੇ ਬੱਚਿਆਂ ਨੂੰ ਨਸ਼ਿਆਂ ਦੇ ਮਾੜੇ ਪ੍ਰਭਾਵਾਂ ਅਤੇ ਟ੍ਰੈਫਿਕ ਨਿਯਮਾਂ ਬਾਰੇ ਜਾਣਕਾਰੀ ਦਿੱਤੀ ਗਈ। ਜੇਤੂ ਬੱਚਿਆਂ ਨੂੰ ਇਨਾਮ ਦੇ ਕੇ ਸਨਮਾਨਿਤ ਕੀਤਾ ਗਿਆ।
